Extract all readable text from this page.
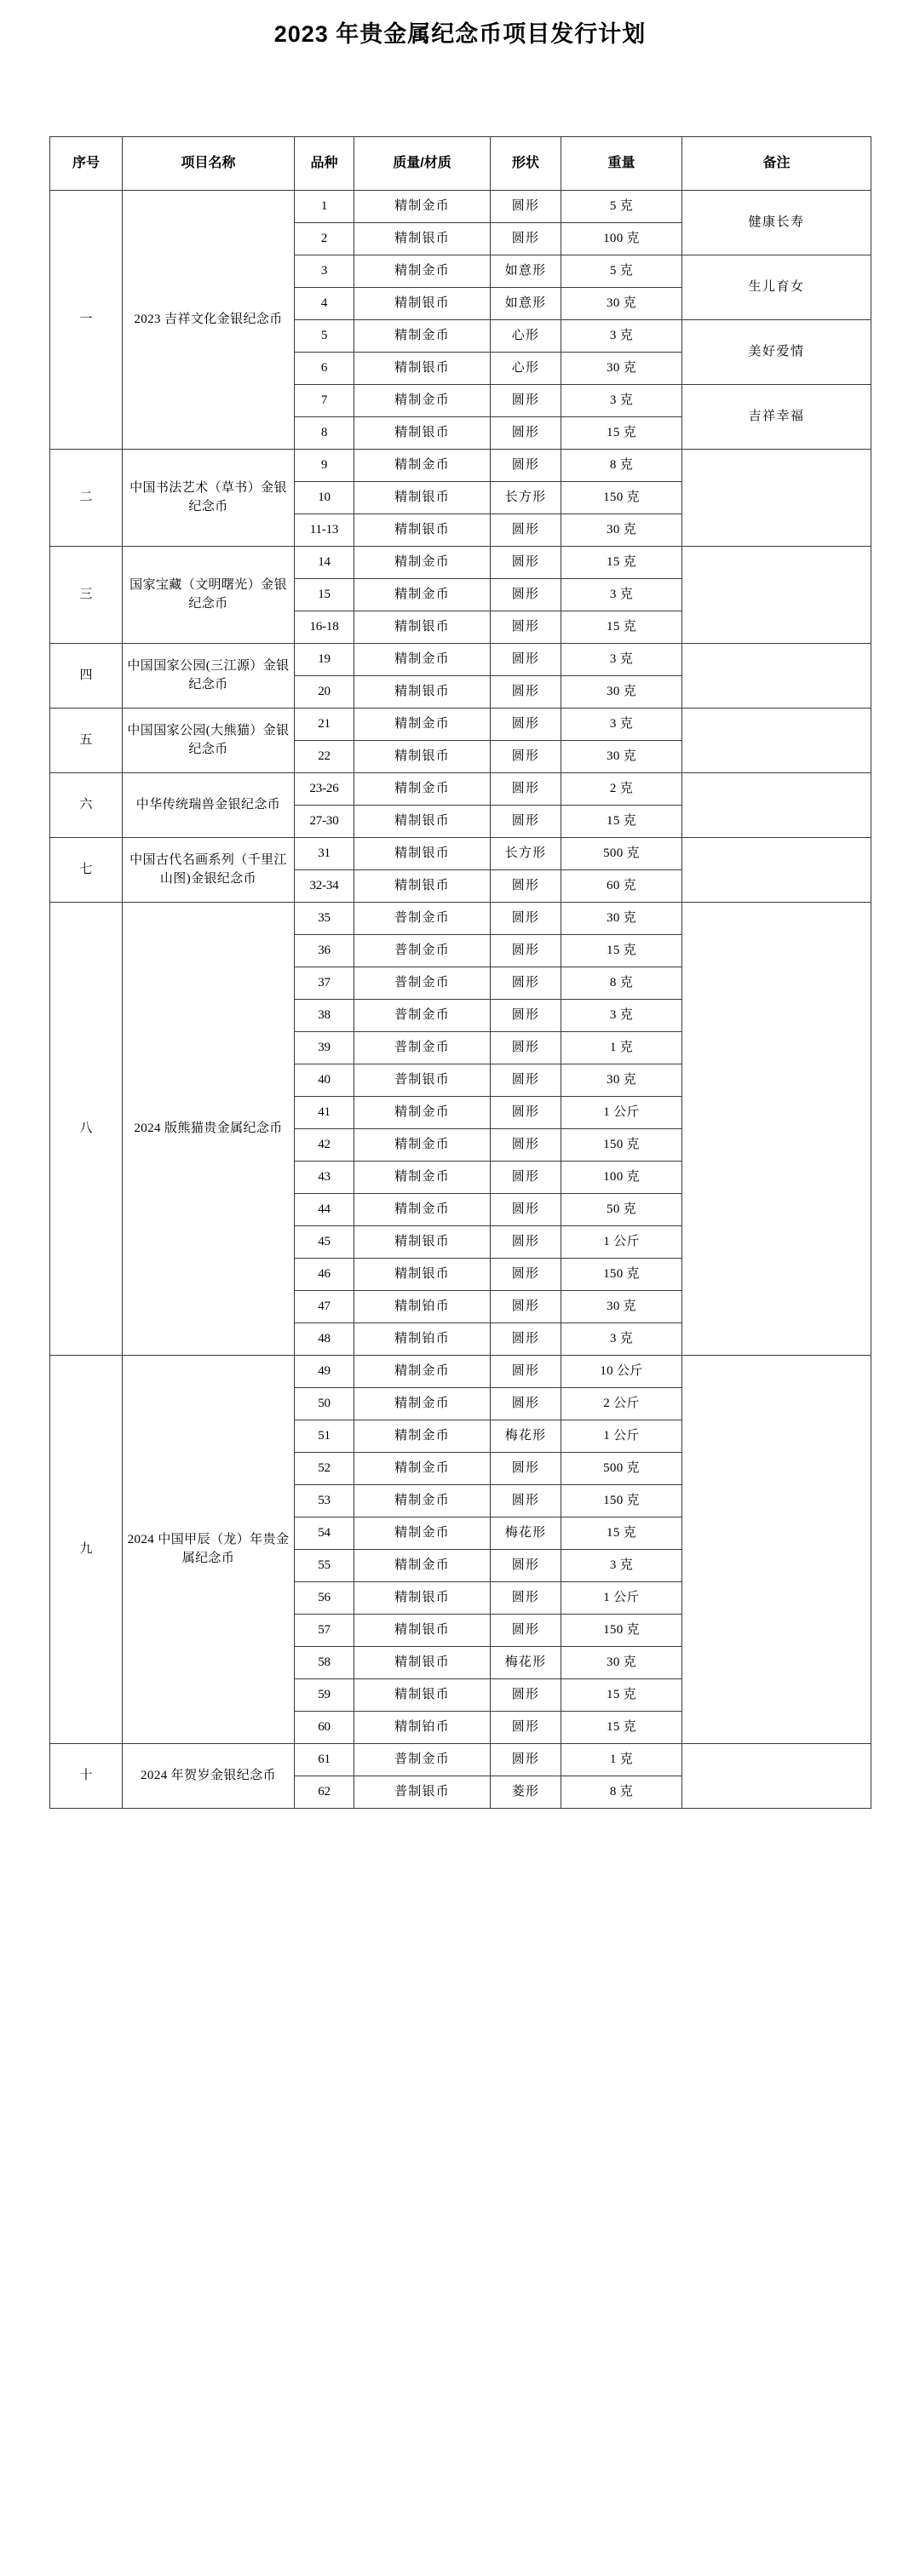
2023 年贵金属纪念币项目发行计划
序号	项目名称	品种	质量/材质	形状	重量	备注
一	2023 吉祥文化金银纪念币	1	精制金币	圆形	5 克	健康长寿
		2	精制银币	圆形	100 克	
		3	精制金币	如意形	5 克	生儿育女
		4	精制银币	如意形	30 克	
		5	精制金币	心形	3 克	美好爱情
		6	精制银币	心形	30 克	
		7	精制金币	圆形	3 克	吉祥幸福
		8	精制银币	圆形	15 克	
二	中国书法艺术（草书）金银纪念币	9	精制金币	圆形	8 克	
		10	精制银币	长方形	150 克	
		11-13	精制银币	圆形	30 克	
三	国家宝藏（文明曙光）金银纪念币	14	精制金币	圆形	15 克	
		15	精制金币	圆形	3 克	
		16-18	精制银币	圆形	15 克	
四	中国国家公园(三江源）金银纪念币	19	精制金币	圆形	3 克	
		20	精制银币	圆形	30 克	
五	中国国家公园(大熊猫）金银纪念币	21	精制金币	圆形	3 克	
		22	精制银币	圆形	30 克	
六	中华传统瑞兽金银纪念币	23-26	精制金币	圆形	2 克	
		27-30	精制银币	圆形	15 克	
七	中国古代名画系列（千里江山图)金银纪念币	31	精制银币	长方形	500 克	
		32-34	精制银币	圆形	60 克	
八	2024 版熊猫贵金属纪念币	35	普制金币	圆形	30 克	
		36	普制金币	圆形	15 克	
		37	普制金币	圆形	8 克	
		38	普制金币	圆形	3 克	
		39	普制金币	圆形	1 克	
		40	普制银币	圆形	30 克	
		41	精制金币	圆形	1 公斤	
		42	精制金币	圆形	150 克	
		43	精制金币	圆形	100 克	
		44	精制金币	圆形	50 克	
		45	精制银币	圆形	1 公斤	
		46	精制银币	圆形	150 克	
		47	精制铂币	圆形	30 克	
		48	精制铂币	圆形	3 克	
九	2024 中国甲辰（龙）年贵金属纪念币	49	精制金币	圆形	10 公斤	
		50	精制金币	圆形	2 公斤	
		51	精制金币	梅花形	1 公斤	
		52	精制金币	圆形	500 克	
		53	精制金币	圆形	150 克	
		54	精制金币	梅花形	15 克	
		55	精制金币	圆形	3 克	
		56	精制银币	圆形	1 公斤	
		57	精制银币	圆形	150 克	
		58	精制银币	梅花形	30 克	
		59	精制银币	圆形	15 克	
		60	精制铂币	圆形	15 克	
十	2024 年贺岁金银纪念币	61	普制金币	圆形	1 克	
		62	普制银币	菱形	8 克	
